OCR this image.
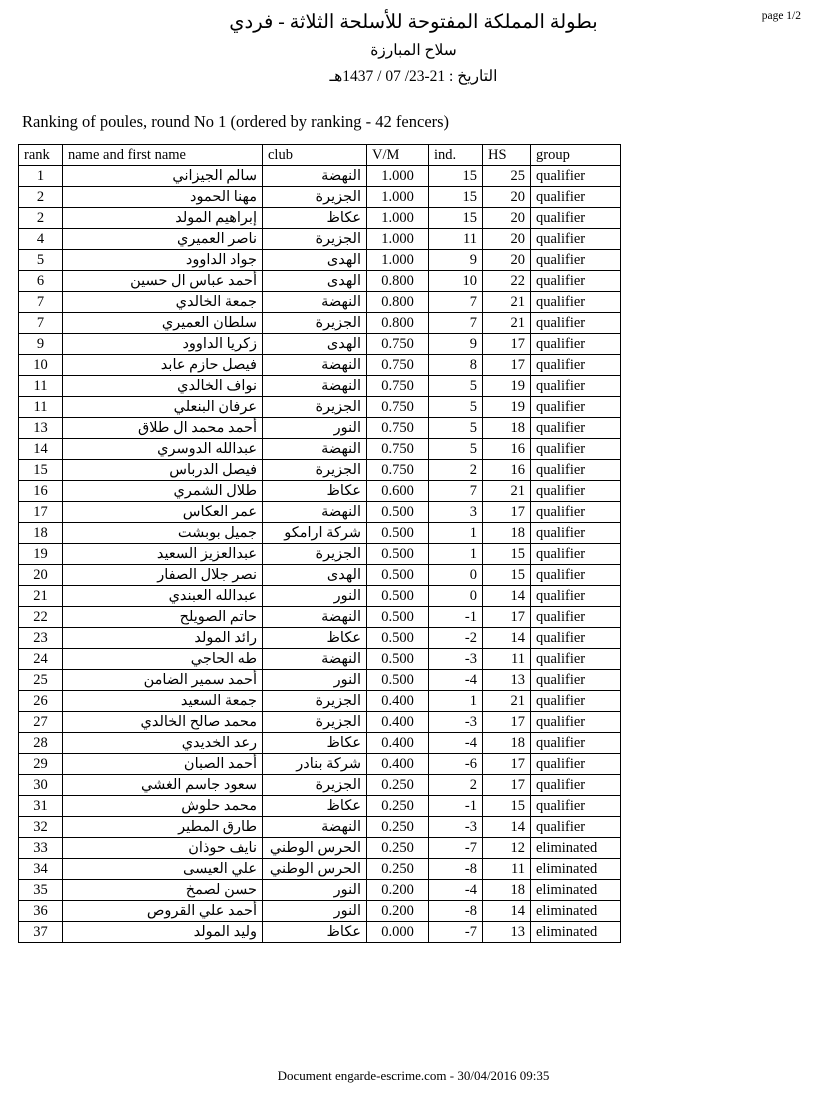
page 1/2
بطولة المملكة المفتوحة للأسلحة الثلاثة - فردي
سلاح المبارزة
التاريخ : 21-23/ 07 / 1437هـ
Ranking of poules, round No 1 (ordered by ranking - 42 fencers)
rank	name and first name	club	V/M	ind.	HS	group
1	سالم الجيزاني	النهضة	1.000	15	25	qualifier
2	مهنا الحمود	الجزيرة	1.000	15	20	qualifier
2	إبراهيم المولد	عكاظ	1.000	15	20	qualifier
4	ناصر العميري	الجزيرة	1.000	11	20	qualifier
5	جواد الداوود	الهدى	1.000	9	20	qualifier
6	أحمد عباس ال حسين	الهدى	0.800	10	22	qualifier
7	جمعة الخالدي	النهضة	0.800	7	21	qualifier
7	سلطان العميري	الجزيرة	0.800	7	21	qualifier
9	زكريا الداوود	الهدى	0.750	9	17	qualifier
10	فيصل حازم عابد	النهضة	0.750	8	17	qualifier
11	نواف الخالدي	النهضة	0.750	5	19	qualifier
11	عرفان البنعلي	الجزيرة	0.750	5	19	qualifier
13	أحمد محمد ال طلاق	النور	0.750	5	18	qualifier
14	عبدالله الدوسري	النهضة	0.750	5	16	qualifier
15	فيصل الدرباس	الجزيرة	0.750	2	16	qualifier
16	طلال الشمري	عكاظ	0.600	7	21	qualifier
17	عمر العكاس	النهضة	0.500	3	17	qualifier
18	جميل بوبشت	شركة ارامكو	0.500	1	18	qualifier
19	عبدالعزيز السعيد	الجزيرة	0.500	1	15	qualifier
20	نصر جلال الصفار	الهدى	0.500	0	15	qualifier
21	عبدالله العبندي	النور	0.500	0	14	qualifier
22	حاتم الصويلح	النهضة	0.500	-1	17	qualifier
23	رائد المولد	عكاظ	0.500	-2	14	qualifier
24	طه الحاجي	النهضة	0.500	-3	11	qualifier
25	أحمد سمير الضامن	النور	0.500	-4	13	qualifier
26	جمعة السعيد	الجزيرة	0.400	1	21	qualifier
27	محمد صالح الخالدي	الجزيرة	0.400	-3	17	qualifier
28	رعد الخديدي	عكاظ	0.400	-4	18	qualifier
29	أحمد الصبان	شركة بنادر	0.400	-6	17	qualifier
30	سعود جاسم الغشي	الجزيرة	0.250	2	17	qualifier
31	محمد حلوش	عكاظ	0.250	-1	15	qualifier
32	طارق المطير	النهضة	0.250	-3	14	qualifier
33	نايف حوذان	الحرس الوطني	0.250	-7	12	eliminated
34	علي العيسى	الحرس الوطني	0.250	-8	11	eliminated
35	حسن لصمخ	النور	0.200	-4	18	eliminated
36	أحمد علي القروص	النور	0.200	-8	14	eliminated
37	وليد المولد	عكاظ	0.000	-7	13	eliminated
Document engarde-escrime.com - 30/04/2016 09:35
